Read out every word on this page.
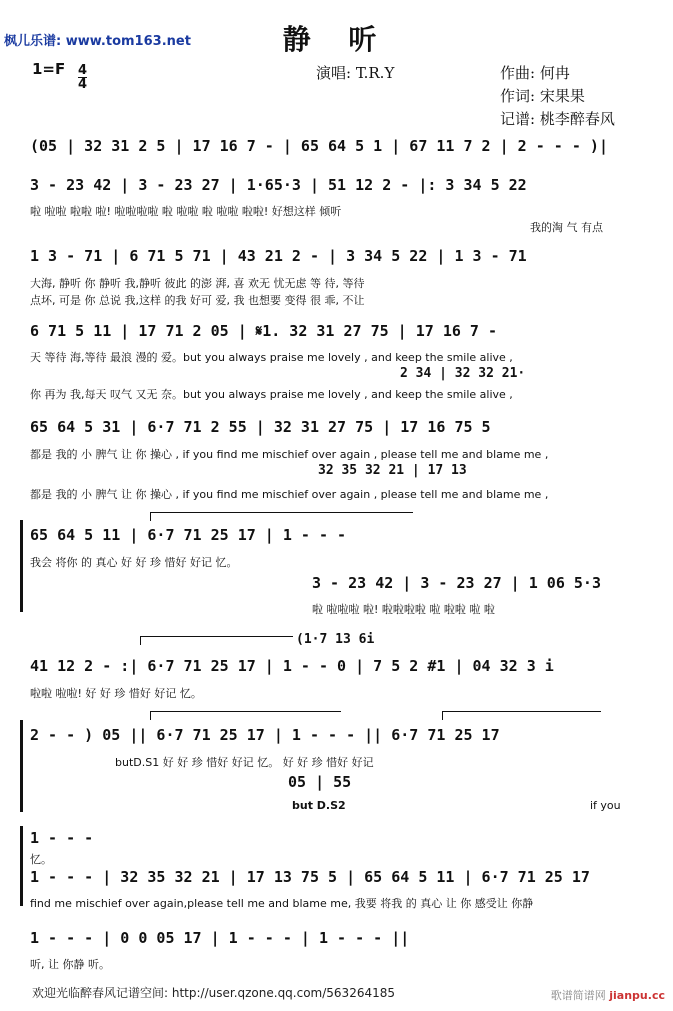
枫儿乐谱: www.tom163.net	静 听
1=F 4
4
演唱: T.R.Y	作曲: 何冉
作词: 宋果果
记谱: 桃李醉春风
(05 | 32 31 2 5 | 17 16 7 - | 65 64 5 1 | 67 11 7 2 | 2 - - - )|
3 - 23 42 | 3 - 23 27 | 1·65·3 | 51 12 2 - |: 3 34 5 22
啦 啦啦 啦啦 啦! 啦啦啦啦 啦 啦啦 啦 啦啦 啦啦! 好想这样 倾听
我的淘 气 有点
1 3 - 71 | 6 71 5 71 | 43 21 2 - | 3 34 5 22 | 1 3 - 71
大海, 静听 你 静听 我,静听 彼此 的澎 湃, 喜 欢无 忧无虑 等 待, 等待
点坏, 可是 你 总说 我,这样 的我 好可 爱, 我 也想要 变得 很 乖, 不让
6 71 5 11 | 17 71 2 05 | 𝄋1. 32 31 27 75 | 17 16 7 -
天 等待 海,等待 最浪 漫的 爱。but you always praise me lovely , and keep the smile alive ,
2 34 | 32 32 21·
你 再为 我,每天 叹气 又无 奈。but you always praise me lovely , and keep the smile alive ,
65 64 5 31 | 6·7 71 2 55 | 32 31 27 75 | 17 16 75 5
都是 我的 小 脾气 让 你 操心 , if you find me mischief over again , please tell me and blame me ,
32 35 32 21 | 17 13
都是 我的 小 脾气 让 你 操心 , if you find me mischief over again , please tell me and blame me ,
65 64 5 11 | 6·7 71 25 17 | 1 - - -
我会 将你 的 真心 好 好 珍 惜好 好记 忆。
3 - 23 42 | 3 - 23 27 | 1 06 5·3
啦 啦啦啦 啦! 啦啦啦啦 啦 啦啦 啦 啦
(1·7 13 6i
41 12 2 - :| 6·7 71 25 17 | 1 - - 0 | 7 5 2 #1 | 04 32 3 i
啦啦 啦啦! 好 好 珍 惜好 好记 忆。
2 - - ) 05 || 6·7 71 25 17 | 1 - - - || 6·7 71 25 17
butD.S1 好 好 珍 惜好 好记 忆。 好 好 珍 惜好 好记
05 | 55
but D.S2	if you
1 - - -
忆。
1 - - - | 32 35 32 21 | 17 13 75 5 | 65 64 5 11 | 6·7 71 25 17
find me mischief over again,please tell me and blame me, 我要 将我 的 真心 让 你 感受让 你静
1 - - - | 0 0 05 17 | 1 - - - | 1 - - - ||
听, 让 你静 听。
欢迎光临醉春风记谱空间: http://user.qzone.qq.com/563264185	歌谱简谱网 jianpu.cc
